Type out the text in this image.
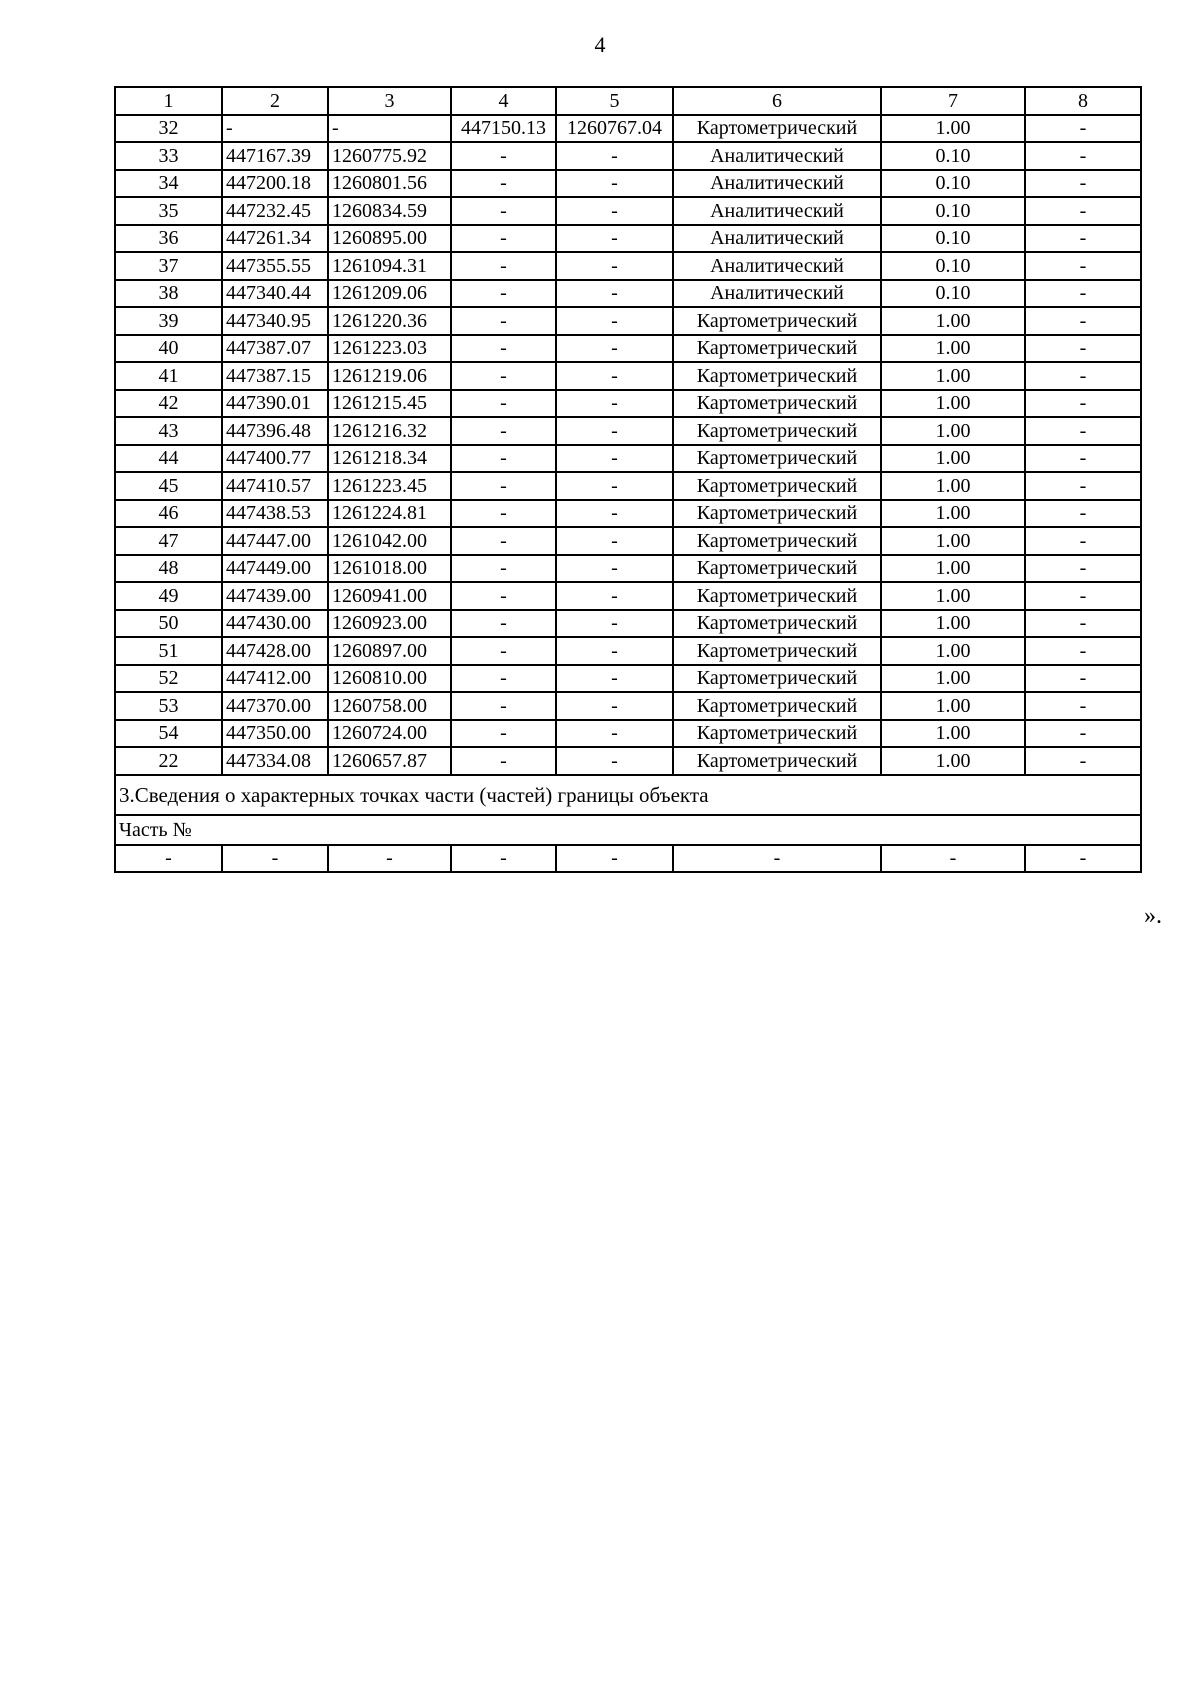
4
1	2	3	4	5	6	7	8
32	-	-	447150.13	1260767.04	Картометрический	1.00	-
33	447167.39	1260775.92	-	-	Аналитический	0.10	-
34	447200.18	1260801.56	-	-	Аналитический	0.10	-
35	447232.45	1260834.59	-	-	Аналитический	0.10	-
36	447261.34	1260895.00	-	-	Аналитический	0.10	-
37	447355.55	1261094.31	-	-	Аналитический	0.10	-
38	447340.44	1261209.06	-	-	Аналитический	0.10	-
39	447340.95	1261220.36	-	-	Картометрический	1.00	-
40	447387.07	1261223.03	-	-	Картометрический	1.00	-
41	447387.15	1261219.06	-	-	Картометрический	1.00	-
42	447390.01	1261215.45	-	-	Картометрический	1.00	-
43	447396.48	1261216.32	-	-	Картометрический	1.00	-
44	447400.77	1261218.34	-	-	Картометрический	1.00	-
45	447410.57	1261223.45	-	-	Картометрический	1.00	-
46	447438.53	1261224.81	-	-	Картометрический	1.00	-
47	447447.00	1261042.00	-	-	Картометрический	1.00	-
48	447449.00	1261018.00	-	-	Картометрический	1.00	-
49	447439.00	1260941.00	-	-	Картометрический	1.00	-
50	447430.00	1260923.00	-	-	Картометрический	1.00	-
51	447428.00	1260897.00	-	-	Картометрический	1.00	-
52	447412.00	1260810.00	-	-	Картометрический	1.00	-
53	447370.00	1260758.00	-	-	Картометрический	1.00	-
54	447350.00	1260724.00	-	-	Картометрический	1.00	-
22	447334.08	1260657.87	-	-	Картометрический	1.00	-
3.Сведения о характерных точках части (частей) границы объекта							
Часть №							
-	-	-	-	-	-	-	-
».
